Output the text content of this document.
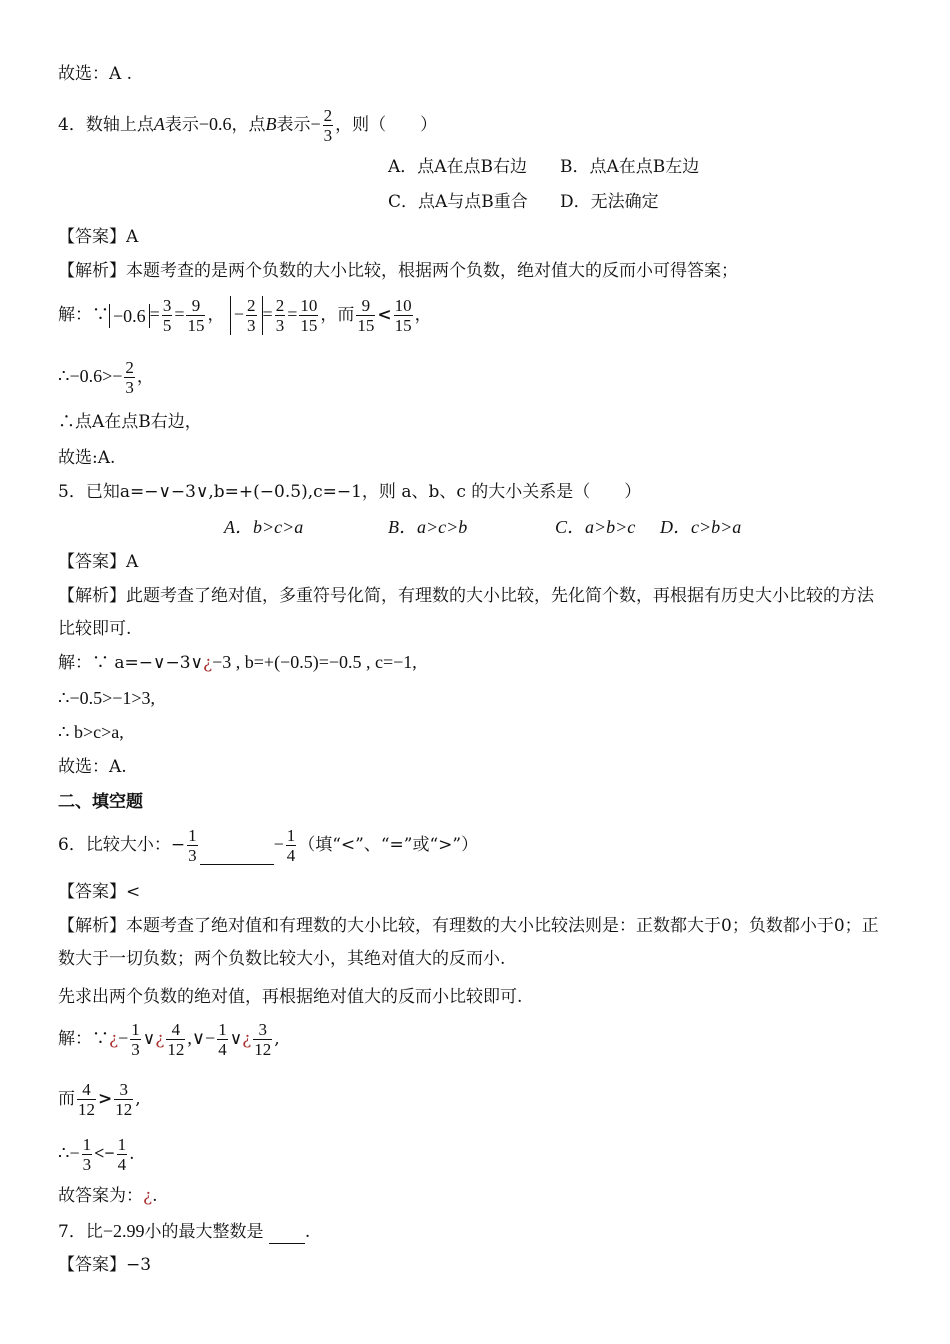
故选：A .
4．数轴上点A表示−0.6，点B表示− $\frac{2}{3}$ ，则（　　）
A．点A在点B右边 B．点A在点B左边
C．点A与点B重合 D．无法确定
【答案】A
【解析】本题考查的是两个负数的大小比较，根据两个负数，绝对值大的反而小可得答案；
解：∵ $-0.6 = \frac{3}{5} = \frac{9}{15}$ ， − $\frac{2}{3} = \frac{2}{3} = \frac{10}{15}$ ，而 $\frac{9}{15} < \frac{10}{15}$ ，
∴−0.6>− $\frac{2}{3}$ ，
∴点A在点B右边，
故选:A.
5．已知a=−∨−3∨,b=+(−0.5),c=−1，则 a、b、c 的大小关系是（　　）
A．b>c>a	B．a>c>b	C．a>b>c D．c>b>a
【答案】A
【解析】此题考查了绝对值，多重符号化简，有理数的大小比较，先化简个数，再根据有历史大小比较的方法比较即可.
解：∵ a=−∨−3∨¿−3 , b=+(−0.5)=−0.5 , c=−1,
∴−0.5>−1>3,
∴ b>c>a,
故选：A.
二、填空题
6．比较大小：− $\frac{1}{3}$	− $\frac{1}{4}$ （填“<”、“=”或“>”）
【答案】<
【解析】本题考查了绝对值和有理数的大小比较，有理数的大小比较法则是：正数都大于0；负数都小于0；正数大于一切负数；两个负数比较大小，其绝对值大的反而小.
先求出两个负数的绝对值，再根据绝对值大的反而小比较即可.
解：∵¿− $\frac{1}{3}$ ∨¿ $\frac{4}{12}$ ,∨− $\frac{1}{4}$ ∨¿ $\frac{3}{12}$ ,
而 $\frac{4}{12} > \frac{3}{12}$ ,
∴− $\frac{1}{3} <- \frac{1}{4}$ .
故答案为：¿.
7．比−2.99小的最大整数是 .
【答案】−3
